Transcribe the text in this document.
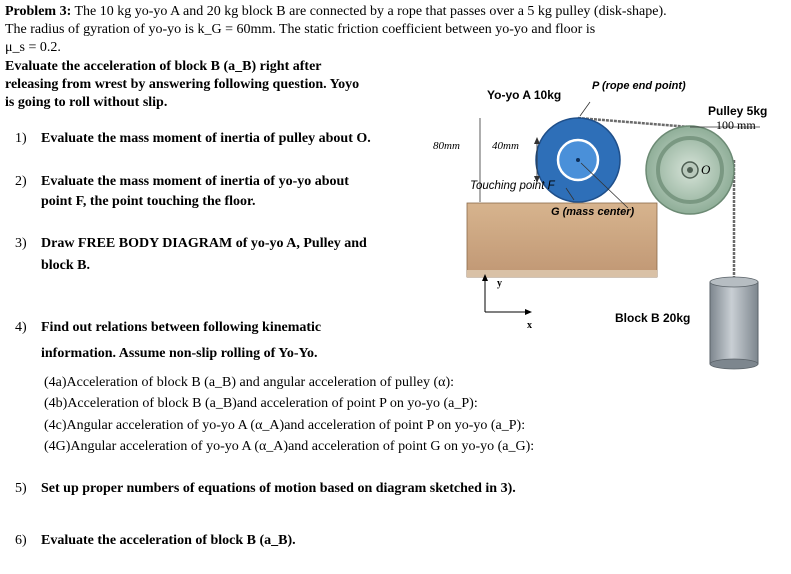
Problem 3: The 10 kg yo-yo A and 20 kg block B are connected by a rope that passes over a 5 kg pulley (disk-shape).
The radius of gyration of yo-yo is k_G = 60mm. The static friction coefficient between yo-yo and floor is
μ_s = 0.2.
Evaluate the acceleration of block B (a_B) right after
releasing from wrest by answering following question. Yoyo
is going to roll without slip.
1) Evaluate the mass moment of inertia of pulley about O.
2) Evaluate the mass moment of inertia of yo-yo about
point F, the point touching the floor.
3) Draw FREE BODY DIAGRAM of yo-yo A, Pulley and
block B.
4) Find out relations between following kinematic
information. Assume non-slip rolling of Yo-Yo.
(4a)Acceleration of block B (a_B) and angular acceleration of pulley (α):
(4b)Acceleration of block B (a_B)and acceleration of point P on yo-yo (a_P):
(4c)Angular acceleration of yo-yo A (α_A)and acceleration of point P on yo-yo (a_P):
(4G)Angular acceleration of yo-yo A (α_A)and acceleration of point G on yo-yo (a_G):
5) Set up proper numbers of equations of motion based on diagram sketched in 3).
6) Evaluate the acceleration of block B (a_B).
Yo-yo A 10kg
P (rope end point)
Pulley 5kg
100 mm
80mm	40mm
Touching point F
G (mass center)
O
Block B 20kg
y
x
